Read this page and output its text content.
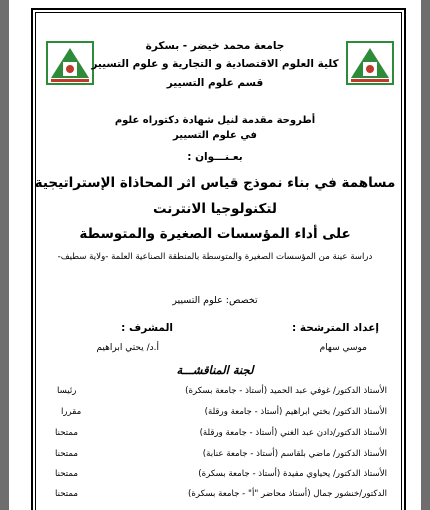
جامعة محمد خيضر - بسكرة
كلية العلوم الاقتصادية و التجارية و علوم التسيير
قسم علوم التسيير
أطروحة مقدمة لنيل شهادة دكتوراه علوم
في علوم التسيير
بعـنـــوان :
مساهمة في بناء نموذج قياس اثر المحاذاة الإستراتيجية
لتكنولوجيا الانترنت
على أداء المؤسسات الصغيرة والمتوسطة
دراسة عينة من المؤسسات الصغيرة والمتوسطة بالمنطقة الصناعية العلمة -ولاية سطيف-
تخصص: علوم التسيير
إعداد المترشحة :
موسي سهام
المشرف :
أ.د/ يحتي ابراهيم
لجنة المناقشـــة
الأستاذ الدكتور/ غوفي عبد الحميد (أستاذ - جامعة بسكرة)
رئيسا
الأستاذ الدكتور/ بختي ابراهيم (أستاذ - جامعة ورقلة)
مقررا
الأستاذ الدكتور/دادن عبد الغني (أستاذ - جامعة ورقلة)
ممتحنا
الأستاذ الدكتور/ ماضي بلقاسم (أستاذ - جامعة عنابة)
ممتحنا
الأستاذ الدكتور/ يحياوي مفيدة (أستاذ - جامعة بسكرة)
ممتحنا
الدكتور/خنشور جمال (أستاذ محاضر "أ" - جامعة بسكرة)
ممتحنا
